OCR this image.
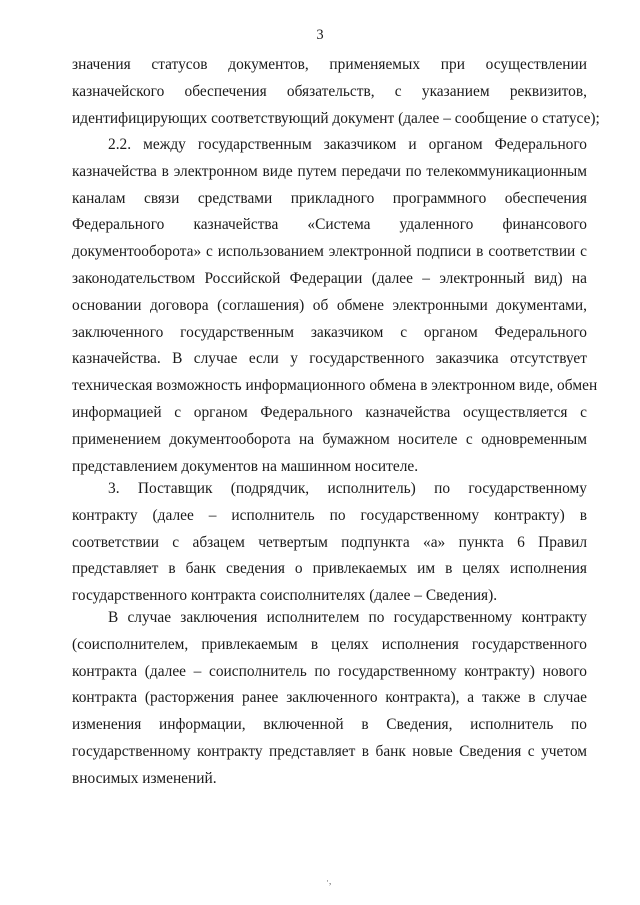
3
значения статусов документов, применяемых при осуществлении
казначейского обеспечения обязательств, с указанием реквизитов,
идентифицирующих соответствующий документ (далее – сообщение о статусе);
2.2. между государственным заказчиком и органом Федерального
казначейства в электронном виде путем передачи по телекоммуникационным
каналам связи средствами прикладного программного обеспечения
Федерального казначейства «Система удаленного финансового
документооборота» с использованием электронной подписи в соответствии с
законодательством Российской Федерации (далее – электронный вид) на
основании договора (соглашения) об обмене электронными документами,
заключенного государственным заказчиком с органом Федерального
казначейства. В случае если у государственного заказчика отсутствует
техническая возможность информационного обмена в электронном виде, обмен
информацией с органом Федерального казначейства осуществляется с
применением документооборота на бумажном носителе с одновременным
представлением документов на машинном носителе.
3. Поставщик (подрядчик, исполнитель) по государственному
контракту (далее – исполнитель по государственному контракту) в
соответствии с абзацем четвертым подпункта «а» пункта 6 Правил
представляет в банк сведения о привлекаемых им в целях исполнения
государственного контракта соисполнителях (далее – Сведения).
В случае заключения исполнителем по государственному контракту
(соисполнителем, привлекаемым в целях исполнения государственного
контракта (далее – соисполнитель по государственному контракту) нового
контракта (расторжения ранее заключенного контракта), а также в случае
изменения информации, включенной в Сведения, исполнитель по
государственному контракту представляет в банк новые Сведения с учетом
вносимых изменений.
·,
